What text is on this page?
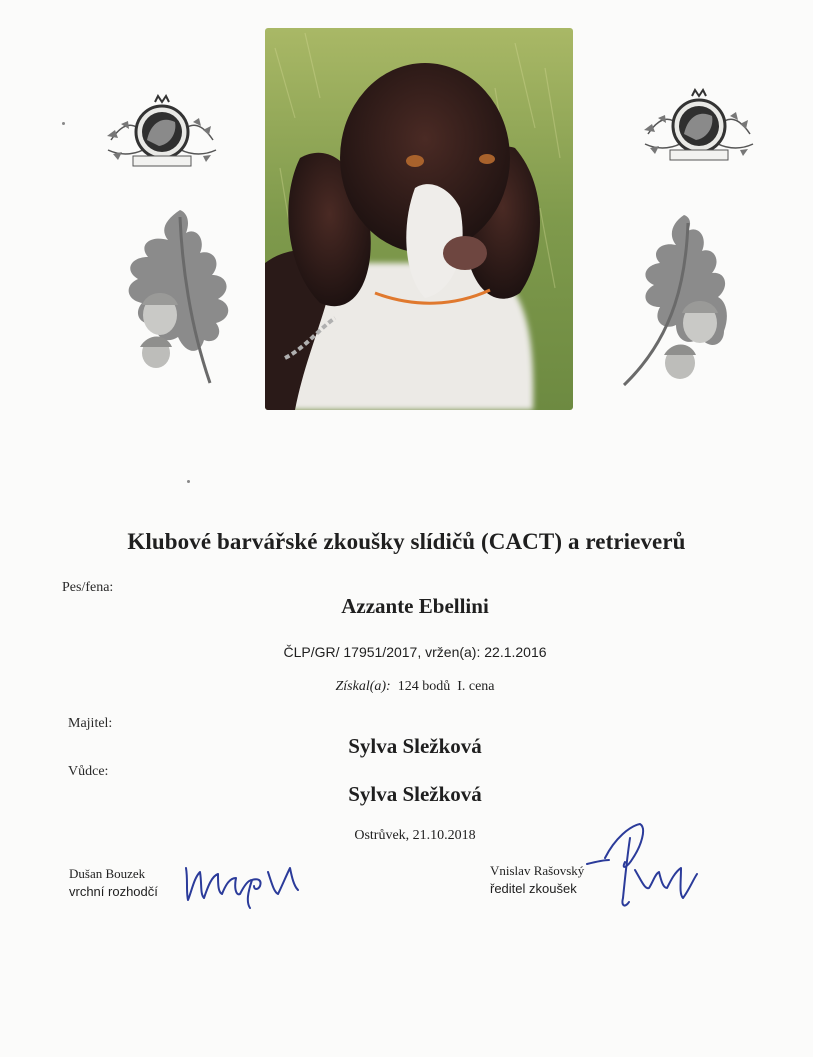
Klubové barvářské zkoušky slídičů (CACT) a retrieverů
Pes/fena:
Azzante Ebellini
ČLP/GR/ 17951/2017, vržen(a): 22.1.2016
Získal(a): 124 bodů I. cena
Majitel:
Sylva Sležková
Vůdce:
Sylva Sležková
Ostrůvek, 21.10.2018
Dušan Bouzek
vrchní rozhodčí
Vnislav Rašovský
ředitel zkoušek
